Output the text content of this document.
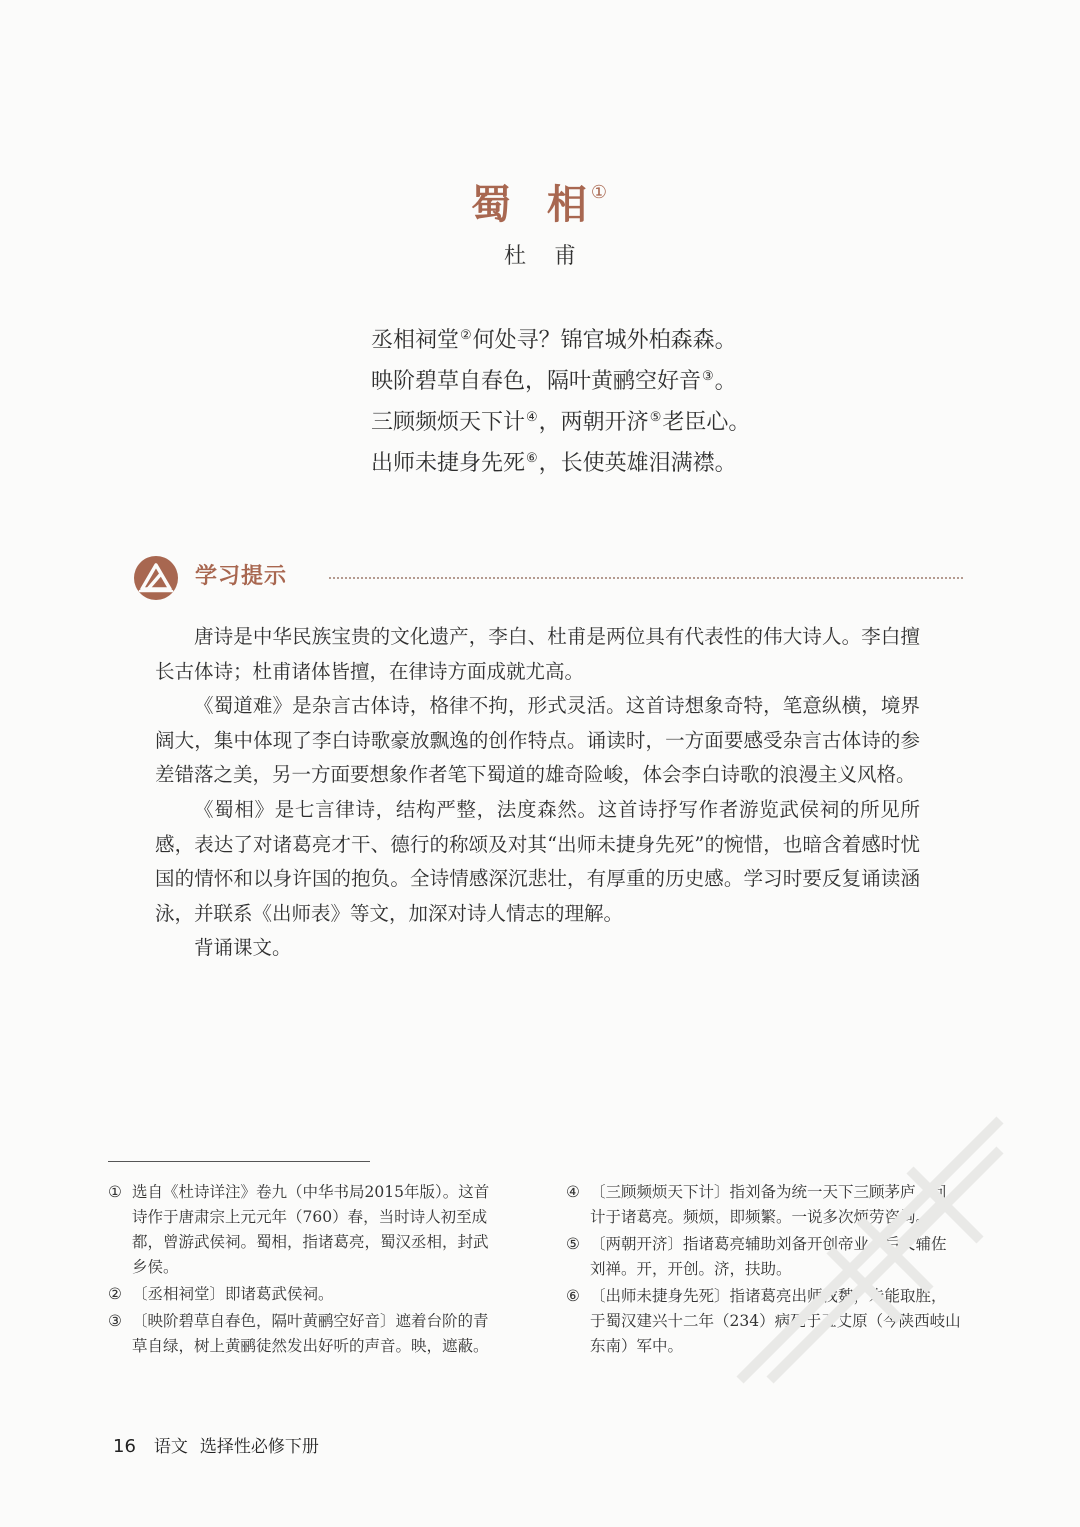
蜀 相 ①
杜 甫
丞相祠堂②何处寻？锦官城外柏森森。
映阶碧草自春色，隔叶黄鹂空好音③。
三顾频烦天下计④，两朝开济⑤老臣心。
出师未捷身先死⑥，长使英雄泪满襟。
学习提示

唐诗是中华民族宝贵的文化遗产，李白、杜甫是两位具有代表性的伟大诗人。李白擅长古体诗；杜甫诸体皆擅，在律诗方面成就尤高。

《蜀道难》是杂言古体诗，格律不拘，形式灵活。这首诗想象奇特，笔意纵横，境界阔大，集中体现了李白诗歌豪放飘逸的创作特点。诵读时，一方面要感受杂言古体诗的参差错落之美，另一方面要想象作者笔下蜀道的雄奇险峻，体会李白诗歌的浪漫主义风格。

《蜀相》是七言律诗，结构严整，法度森然。这首诗抒写作者游览武侯祠的所见所感，表达了对诸葛亮才干、德行的称颂及对其“出师未捷身先死”的惋惜，也暗含着感时忧国的情怀和以身许国的抱负。全诗情感深沉悲壮，有厚重的历史感。学习时要反复诵读涵泳，并联系《出师表》等文，加深对诗人情志的理解。

背诵课文。

① 选自《杜诗详注》卷九（中华书局2015年版）。这首诗作于唐肃宗上元元年（760）春，当时诗人初至成都，曾游武侯祠。蜀相，指诸葛亮，蜀汉丞相，封武乡侯。
② 〔丞相祠堂〕即诸葛武侯祠。
③ 〔映阶碧草自春色，隔叶黄鹂空好音〕遮着台阶的青草自绿，树上黄鹂徒然发出好听的声音。映，遮蔽。
④ 〔三顾频烦天下计〕指刘备为统一天下三顾茅庐，问计于诸葛亮。频烦，即频繁。一说多次烦劳咨询。
⑤ 〔两朝开济〕指诸葛亮辅助刘备开创帝业，后又辅佐刘禅。开，开创。济，扶助。
⑥ 〔出师未捷身先死〕指诸葛亮出师伐魏，未能取胜，于蜀汉建兴十二年（234）病死于五丈原（今陕西岐山东南）军中。
16 语文 选择性必修下册
